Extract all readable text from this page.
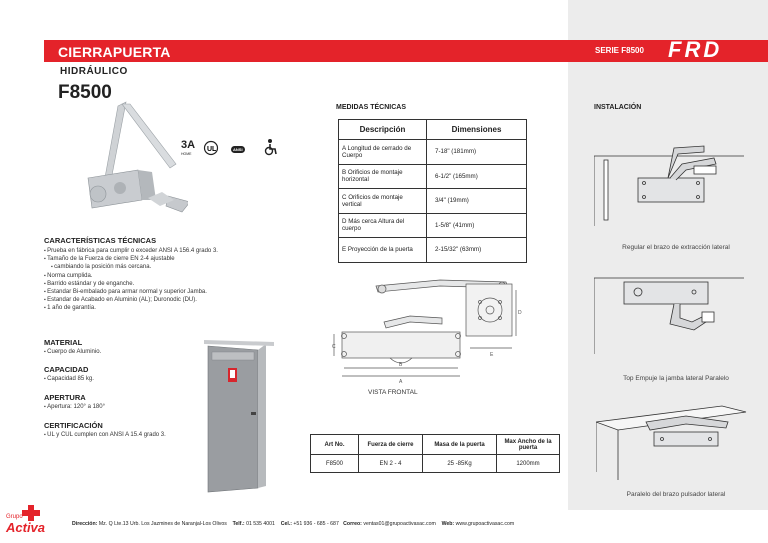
CIERRAPUERTA	SERIE F8500 FRD
HIDRÁULICO
F8500
3A
HOME
UL	ANSI
CARACTERÍSTICAS TÉCNICAS
▪ Prueba en fábrica para cumplir o exceder ANSI A 156.4 grado 3.
▪ Tamaño de la Fuerza de cierre EN 2-4 ajustable
▪ cambiando la posición más cercana.
▪ Norma cumplida.
▪ Barrido estándar y de enganche.
▪ Estandar Bi-embalado para armar normal y superior Jamba.
▪ Estandar de Acabado en Aluminio (AL); Duronodic (DU).
▪ 1 año de garantía.
MATERIAL
▪ Cuerpo de Aluminio.
CAPACIDAD
▪ Capacidad 85 kg.
APERTURA
▪ Apertura: 120° a 180°
CERTIFICACIÓN
▪ UL y CUL cumplen con ANSI A 15.4 grado 3.
MEDIDAS TÉCNICAS
Descripción	Dimensiones
A Longitud de cerrado de Cuerpo	7-18" (181mm)
B Orificios de montaje horizontal	6-1/2" (165mm)
C Orificios de montaje vertical	3/4" (19mm)
D Más cerca Altura del cuerpo	1-5/8" (41mm)
E Proyección de la puerta	2-15/32" (63mm)
C
B
A
D
E
VISTA FRONTAL
Art No.	Fuerza de cierre	Masa de la puerta	Max Ancho de la puerta
F8500	EN 2 - 4	25 -85Kg	1200mm
INSTALACIÓN
Regular el brazo de extracción lateral
Top Empuje la jamba lateral Paralelo
Paralelo del brazo pulsador lateral
Grupo
Activa	Dirección: Mz. Q Lte.13 Urb. Los Jazmines de Naranjal-Los Olivos Telf.: 01 535 4001 Cel.: +51 936 - 685 - 687 Correo: ventas01@grupoactivasac.com Web: www.grupoactivasac.com
